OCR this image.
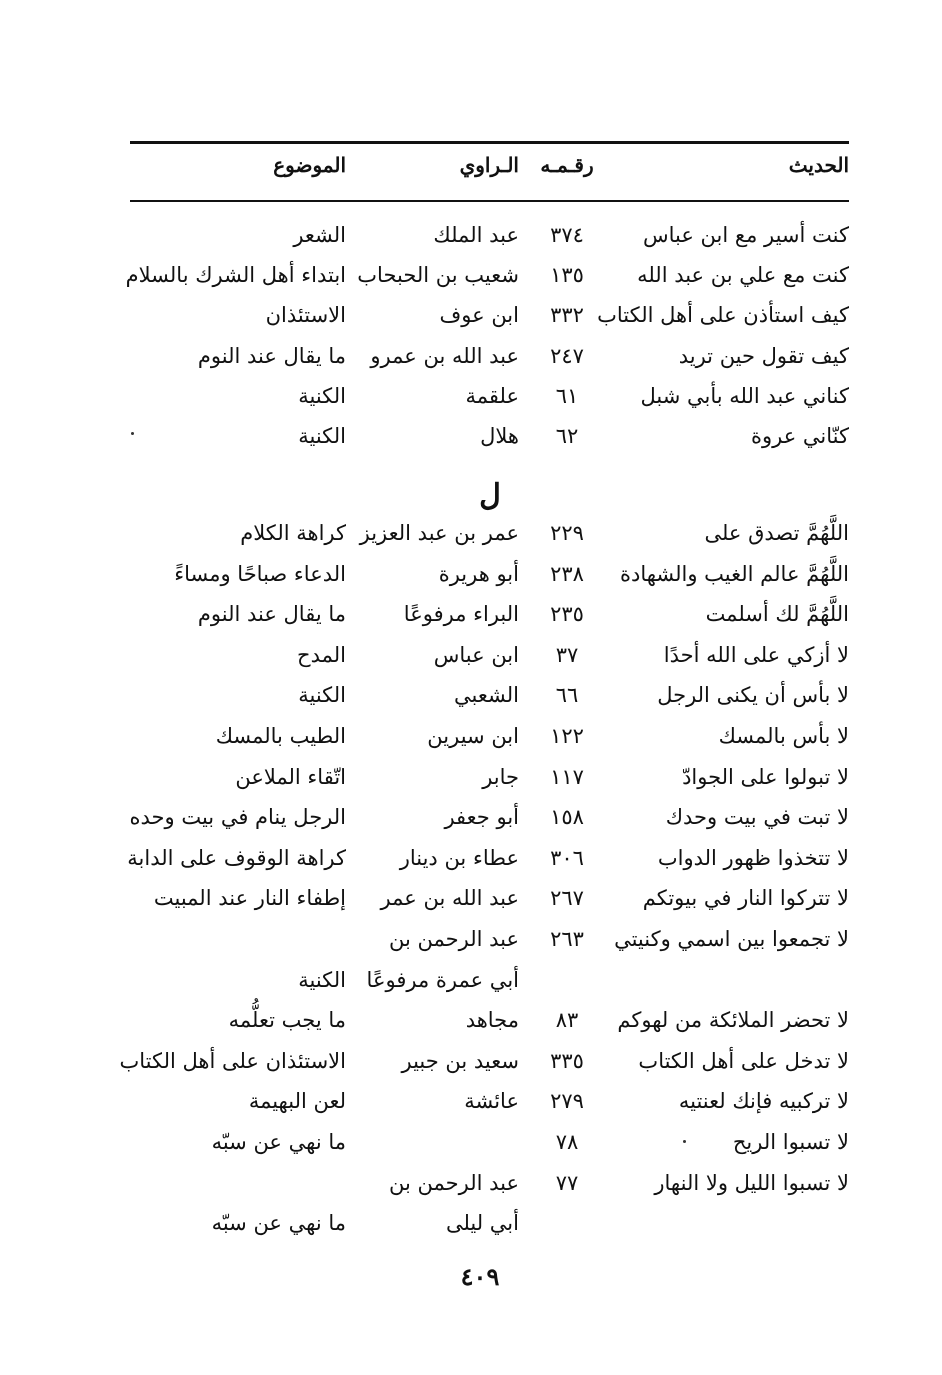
الحديث
رقـمـه
الـراوي
الموضوع
كنت أسير مع ابن عباس
٣٧٤
عبد الملك
الشعر
كنت مع علي بن عبد الله
١٣٥
شعيب بن الحبحاب
ابتداء أهل الشرك بالسلام
كيف استأذن على أهل الكتاب
٣٣٢
ابن عوف
الاستئذان
كيف تقول حين تريد
٢٤٧
عبد الله بن عمرو
ما يقال عند النوم
كناني عبد الله بأبي شبل
٦١
علقمة
الكنية
كنّاني عروة
٦٢
هلال
الكنية
ل
اللَّهُمَّ تصدق على
٢٢٩
عمر بن عبد العزيز
كراهة الكلام
اللَّهُمَّ عالم الغيب والشهادة
٢٣٨
أبو هريرة
الدعاء صباحًا ومساءً
اللَّهُمَّ لك أسلمت
٢٣٥
البراء مرفوعًا
ما يقال عند النوم
لا أزكي على الله أحدًا
٣٧
ابن عباس
المدح
لا بأس أن يكنى الرجل
٦٦
الشعبي
الكنية
لا بأس بالمسك
١٢٢
ابن سيرين
الطيب بالمسك
لا تبولوا على الجوادّ
١١٧
جابر
اتّقاء الملاعن
لا تبت في بيت وحدك
١٥٨
أبو جعفر
الرجل ينام في بيت وحده
لا تتخذوا ظهور الدواب
٣٠٦
عطاء بن دينار
كراهة الوقوف على الدابة
لا تتركوا النار في بيوتكم
٢٦٧
عبد الله بن عمر
إطفاء النار عند المبيت
لا تجمعوا بين اسمي وكنيتي
٢٦٣
عبد الرحمن بن
أبي عمرة مرفوعًا
الكنية
لا تحضر الملائكة من لهوكم
٨٣
مجاهد
ما يجب تعلُّمه
لا تدخل على أهل الكتاب
٣٣٥
سعيد بن جبير
الاستئذان على أهل الكتاب
لا تركبيه فإنك لعنتيه
٢٧٩
عائشة
لعن البهيمة
لا تسبوا الريح
٧٨
ما نهي عن سبّه
لا تسبوا الليل ولا النهار
٧٧
عبد الرحمن بن
أبي ليلى
ما نهي عن سبّه
٤٠٩
